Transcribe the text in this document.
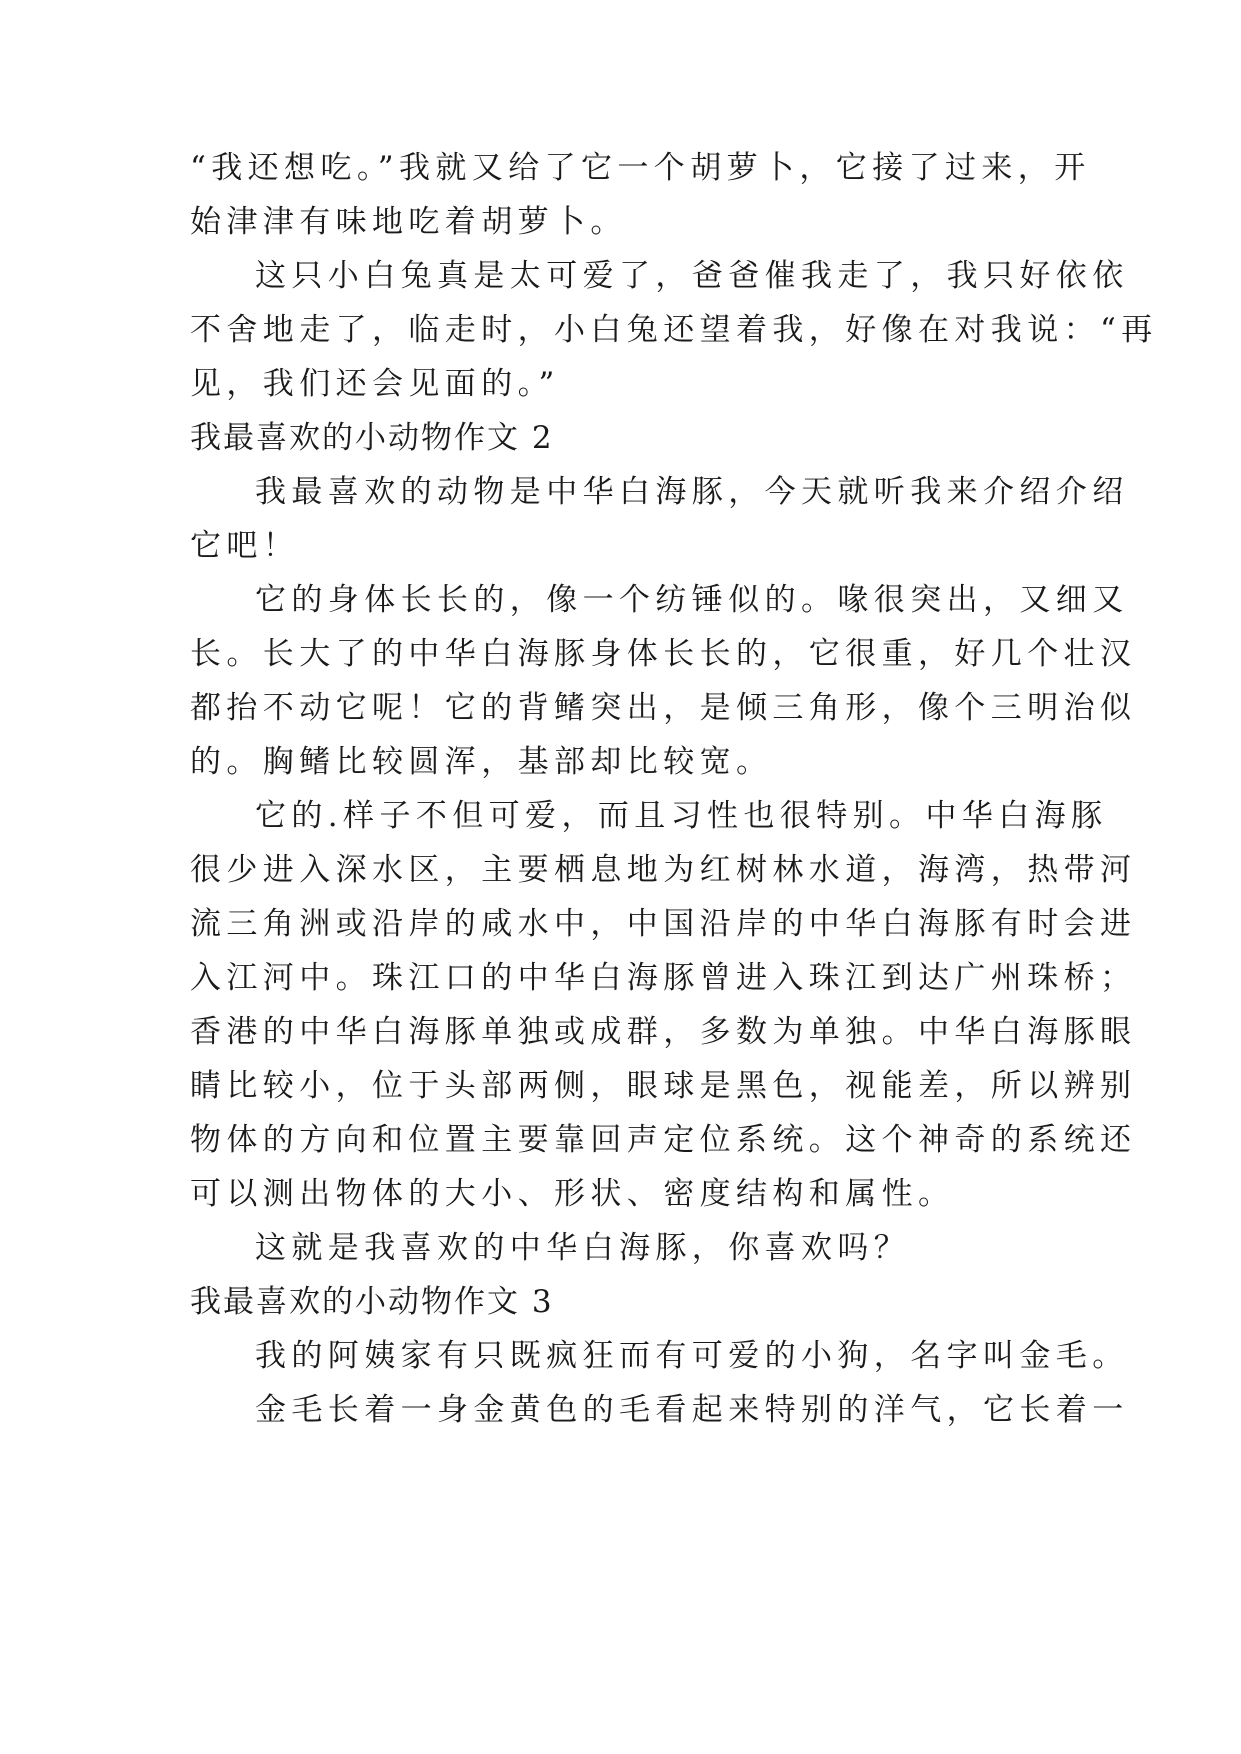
“我还想吃。”我就又给了它一个胡萝卜，它接了过来，开
始津津有味地吃着胡萝卜。
这只小白兔真是太可爱了，爸爸催我走了，我只好依依
不舍地走了，临走时，小白兔还望着我，好像在对我说：“再
见，我们还会见面的。”
我最喜欢的小动物作文 2
我最喜欢的动物是中华白海豚，今天就听我来介绍介绍
它吧！
它的身体长长的，像一个纺锤似的。喙很突出，又细又
长。长大了的中华白海豚身体长长的，它很重，好几个壮汉
都抬不动它呢！它的背鳍突出，是倾三角形，像个三明治似
的。胸鳍比较圆浑，基部却比较宽。
它的.样子不但可爱，而且习性也很特别。中华白海豚
很少进入深水区，主要栖息地为红树林水道，海湾，热带河
流三角洲或沿岸的咸水中，中国沿岸的中华白海豚有时会进
入江河中。珠江口的中华白海豚曾进入珠江到达广州珠桥；
香港的中华白海豚单独或成群，多数为单独。中华白海豚眼
睛比较小，位于头部两侧，眼球是黑色，视能差，所以辨别
物体的方向和位置主要靠回声定位系统。这个神奇的系统还
可以测出物体的大小、形状、密度结构和属性。
这就是我喜欢的中华白海豚，你喜欢吗？
我最喜欢的小动物作文 3
我的阿姨家有只既疯狂而有可爱的小狗，名字叫金毛。
金毛长着一身金黄色的毛看起来特别的洋气，它长着一
